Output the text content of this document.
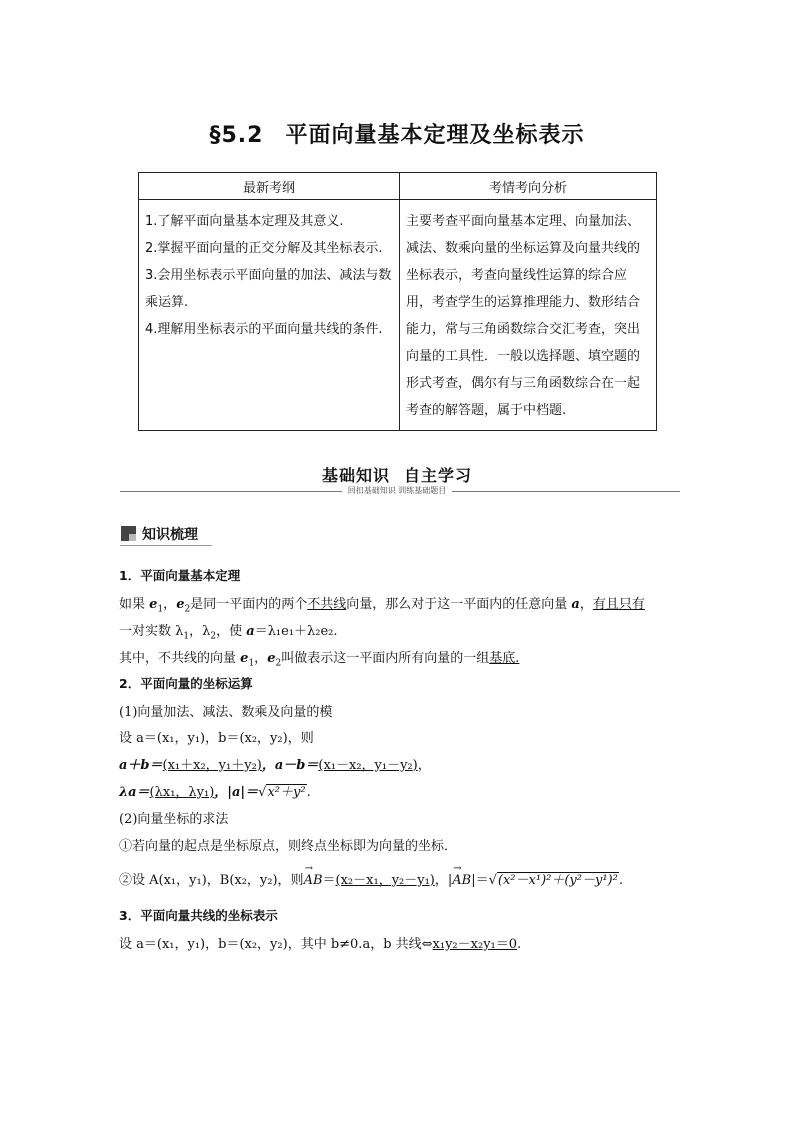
§5.2 平面向量基本定理及坐标表示
最新考纲	考情考向分析

1.了解平面向量基本定理及其意义.
2.掌握平面向量的正交分解及其坐标表示.
3.会用坐标表示平面向量的加法、减法与数乘运算.
4.理解用坐标表示的平面向量共线的条件.	主要考查平面向量基本定理、向量加法、减法、数乘向量的坐标运算及向量共线的坐标表示，考查向量线性运算的综合应用，考查学生的运算推理能力、数形结合能力，常与三角函数综合交汇考查，突出向量的工具性．一般以选择题、填空题的形式考查，偶尔有与三角函数综合在一起考查的解答题，属于中档题.
基础知识 自主学习
回扣基础知识 训练基础题目
知识梳理
1．平面向量基本定理
如果 $e_1$，$e_2$是同一平面内的两个不共线向量，那么对于这一平面内的任意向量 a，有且只有
一对实数 $\lambda_1$，$\lambda_2$，使 a＝λ₁e₁＋λ₂e₂.
其中，不共线的向量 $e_1$，$e_2$叫做表示这一平面内所有向量的一组基底.
2．平面向量的坐标运算
(1)向量加法、减法、数乘及向量的模
设 a＝(x₁，y₁)，b＝(x₂，y₂)，则
a＋b＝(x₁＋x₂，y₁＋y₂)，a－b＝(x₁－x₂，y₁－y₂)，
λa＝(λx₁，λy₁)，|a|＝√x²＋y².
(2)向量坐标的求法
①若向量的起点是坐标原点，则终点坐标即为向量的坐标．
②设 A(x₁，y₁)，B(x₂，y₂)，则
→
AB＝(x₂－x₁，y₂－y₁)，|
→
AB|＝√(x²－x¹)²＋(y²－y¹)².
3．平面向量共线的坐标表示
设 a＝(x₁，y₁)，b＝(x₂，y₂)，其中 b≠0.a，b 共线⇔x₁y₂－x₂y₁＝0.
